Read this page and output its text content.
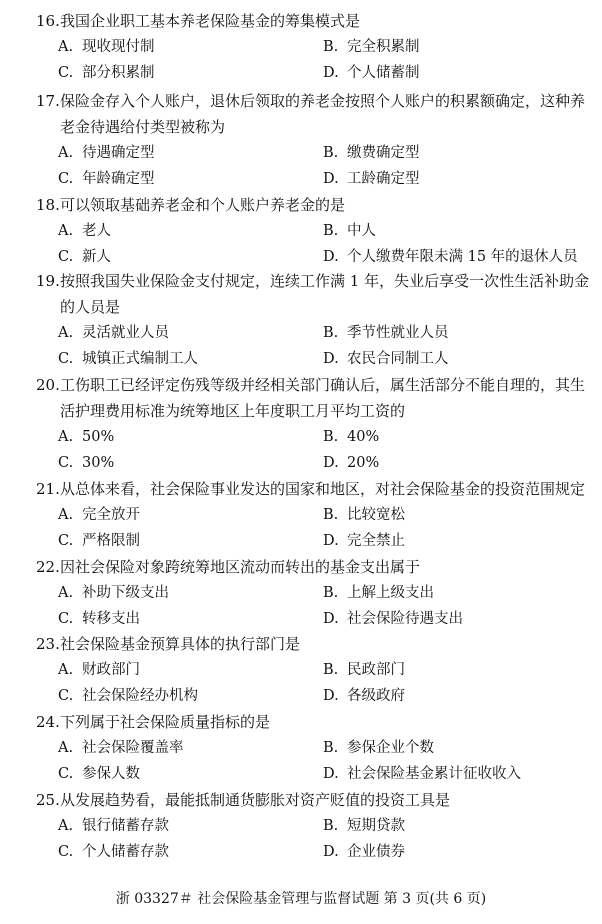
16. 我国企业职工基本养老保险基金的筹集模式是
A. 现收现付制	B. 完全积累制
C. 部分积累制	D. 个人储蓄制
17. 保险金存入个人账户，退休后领取的养老金按照个人账户的积累额确定，这种养老金待遇给付类型被称为
A. 待遇确定型	B. 缴费确定型
C. 年龄确定型	D. 工龄确定型
18. 可以领取基础养老金和个人账户养老金的是
A. 老人	B. 中人
C. 新人	D. 个人缴费年限未满 15 年的退休人员
19. 按照我国失业保险金支付规定，连续工作满 1 年，失业后享受一次性生活补助金的人员是
A. 灵活就业人员	B. 季节性就业人员
C. 城镇正式编制工人	D. 农民合同制工人
20. 工伤职工已经评定伤残等级并经相关部门确认后，属生活部分不能自理的，其生活护理费用标准为统筹地区上年度职工月平均工资的
A. 50%	B. 40%
C. 30%	D. 20%
21. 从总体来看，社会保险事业发达的国家和地区，对社会保险基金的投资范围规定
A. 完全放开	B. 比较宽松
C. 严格限制	D. 完全禁止
22. 因社会保险对象跨统筹地区流动而转出的基金支出属于
A. 补助下级支出	B. 上解上级支出
C. 转移支出	D. 社会保险待遇支出
23. 社会保险基金预算具体的执行部门是
A. 财政部门	B. 民政部门
C. 社会保险经办机构	D. 各级政府
24. 下列属于社会保险质量指标的是
A. 社会保险覆盖率	B. 参保企业个数
C. 参保人数	D. 社会保险基金累计征收收入
25. 从发展趋势看，最能抵制通货膨胀对资产贬值的投资工具是
A. 银行储蓄存款	B. 短期贷款
C. 个人储蓄存款	D. 企业债券
浙 03327＃ 社会保险基金管理与监督试题 第 3 页(共 6 页)
